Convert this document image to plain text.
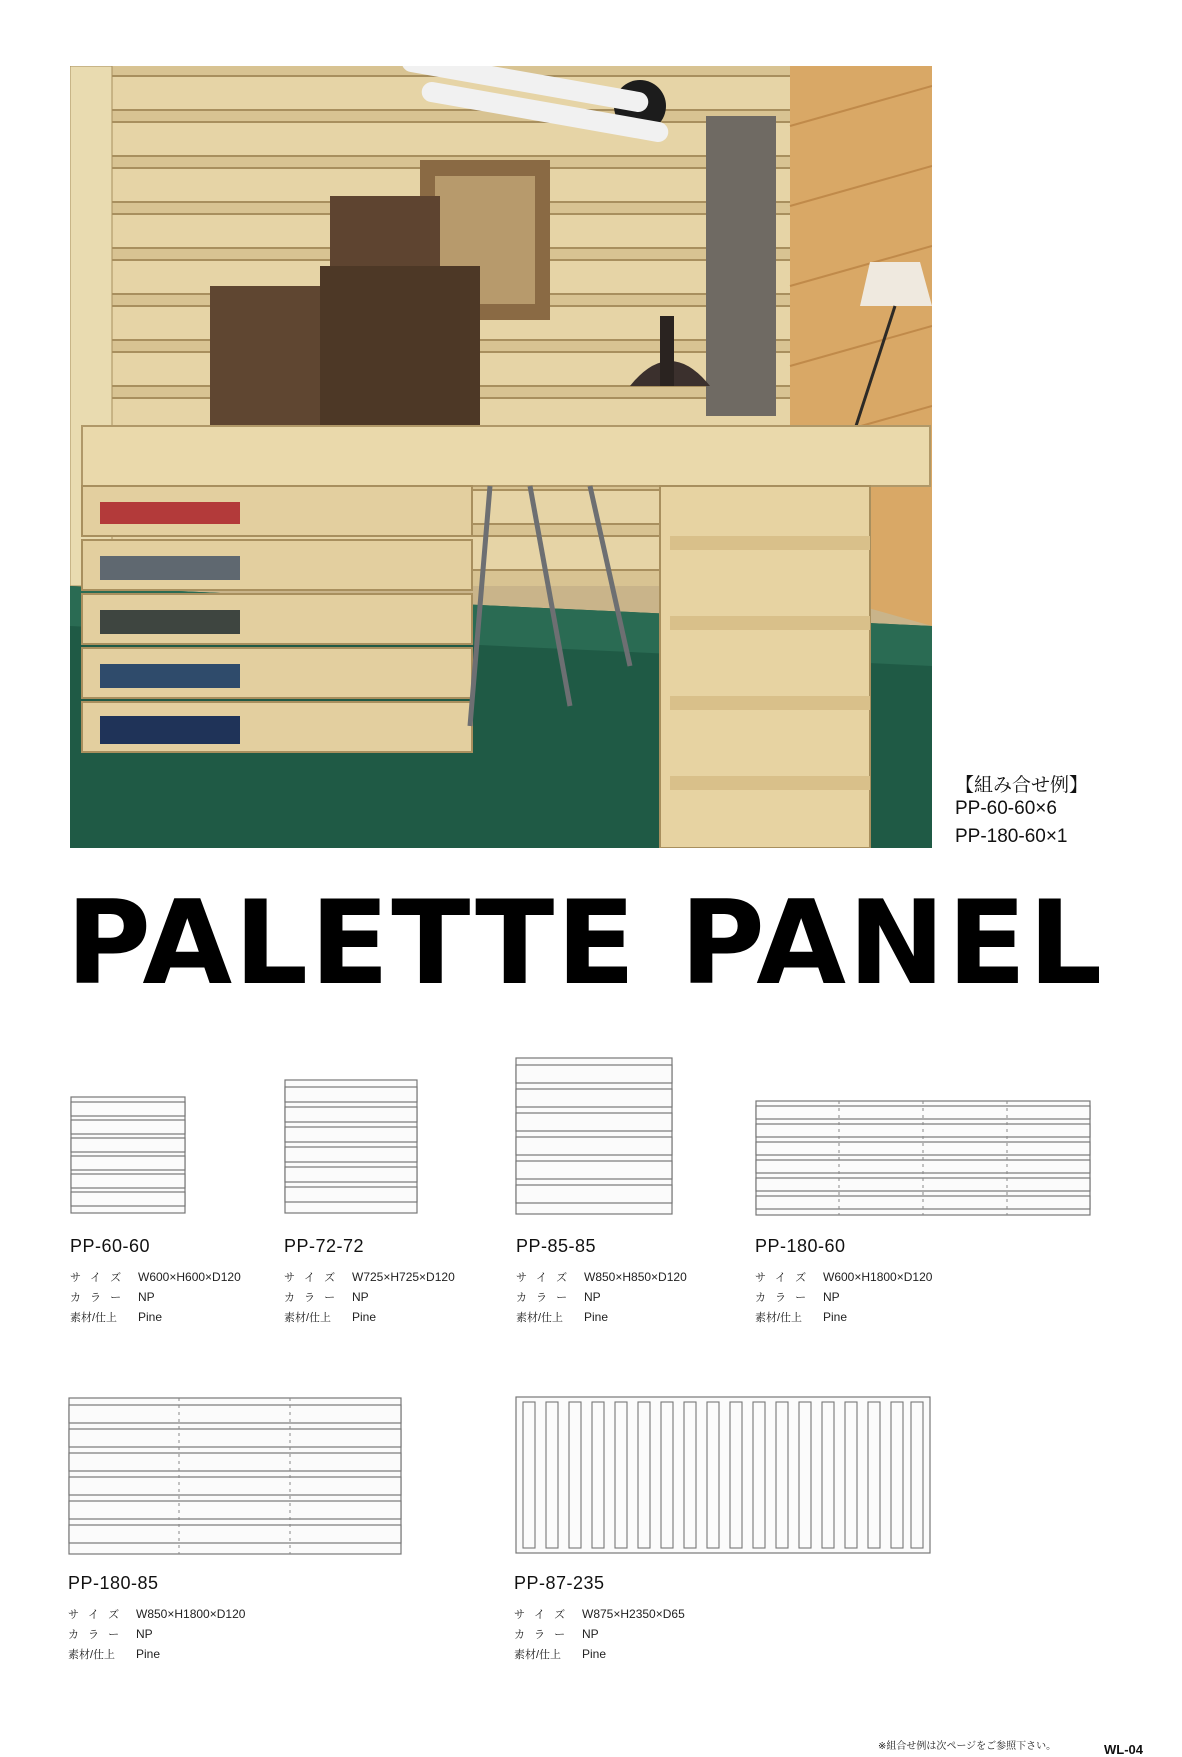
【組み合せ例】
PP-60-60×6
PP-180-60×1
PALETTE PANEL
PP-60-60
サ イ ズ W600×H600×D120
カ ラ ー NP
素材/仕上 Pine
PP-72-72
サ イ ズ W725×H725×D120
カ ラ ー NP
素材/仕上 Pine
PP-85-85
サ イ ズ W850×H850×D120
カ ラ ー NP
素材/仕上 Pine
PP-180-60
サ イ ズ W600×H1800×D120
カ ラ ー NP
素材/仕上 Pine
PP-180-85
サ イ ズ W850×H1800×D120
カ ラ ー NP
素材/仕上 Pine
PP-87-235
サ イ ズ W875×H2350×D65
カ ラ ー NP
素材/仕上 Pine
※組合せ例は次ページをご参照下さい。	WL-04
